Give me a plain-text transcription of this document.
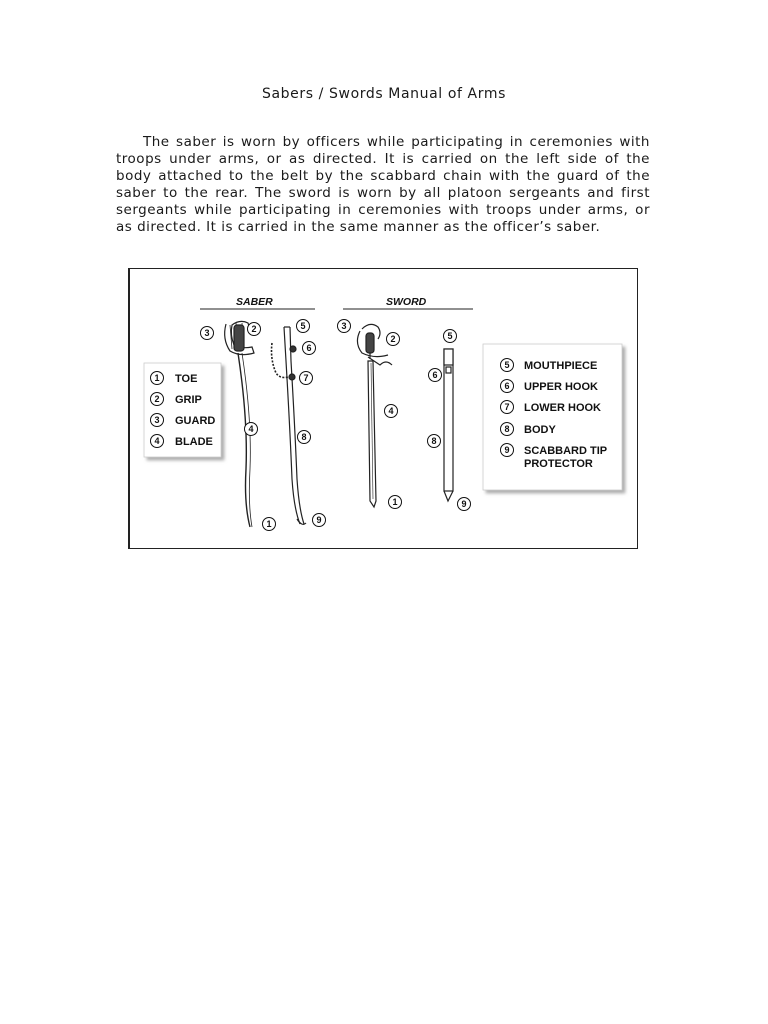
Sabers / Swords Manual of Arms

The saber is worn by officers while participating in ceremonies with troops under arms, or as directed. It is carried on the left side of the body attached to the belt by the scabbard chain with the guard of the saber to the rear. The sword is worn by all platoon sergeants and first sergeants while participating in ceremonies with troops under arms, or as directed. It is carried in the same manner as the officer’s saber.

SABER	SWORD
1 TOE
2 GRIP
3 GUARD
4 BLADE
5 MOUTHPIECE
6 UPPER HOOK
7 LOWER HOOK
8 BODY
9 SCABBARD TIP
PROTECTOR
3	2
4
1
5
6
7
8
9
3
2
4
1
5
6
8
9
